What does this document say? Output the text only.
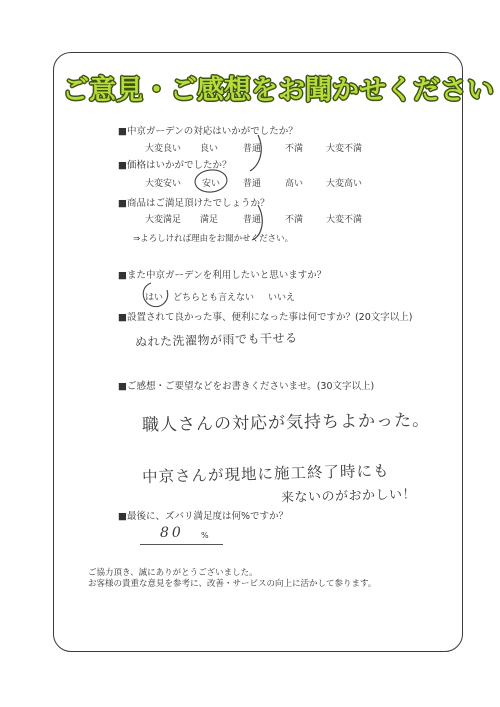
ご意見・ご感想をお聞かせください
■中京ガーデンの対応はいかがでしたか？
大変良い 良い	普通	不満	大変不満
■価格はいかがでしたか？
大変安い 安い	普通	高い	大変高い
■商品はご満足頂けたでしょうか？
大変満足 満足	普通	不満	大変不満
⇒よろしければ理由をお聞かせください。
■また中京ガーデンを利用したいと思いますか？
はい どちらとも言えない いいえ
■設置されて良かった事、便利になった事は何ですか？(20文字以上)
ぬれた洗濯物が雨でも干せる
■ご感想・ご要望などをお書きくださいませ。(30文字以上)
職人さんの対応が気持ちよかった。
中京さんが現地に施工終了時にも
来ないのがおかしい！
■最後に、ズバリ満足度は何%ですか？
80 %
ご協力頂き、誠にありがとうございました。
お客様の貴重な意見を参考に、改善・サービスの向上に活かして参ります。
